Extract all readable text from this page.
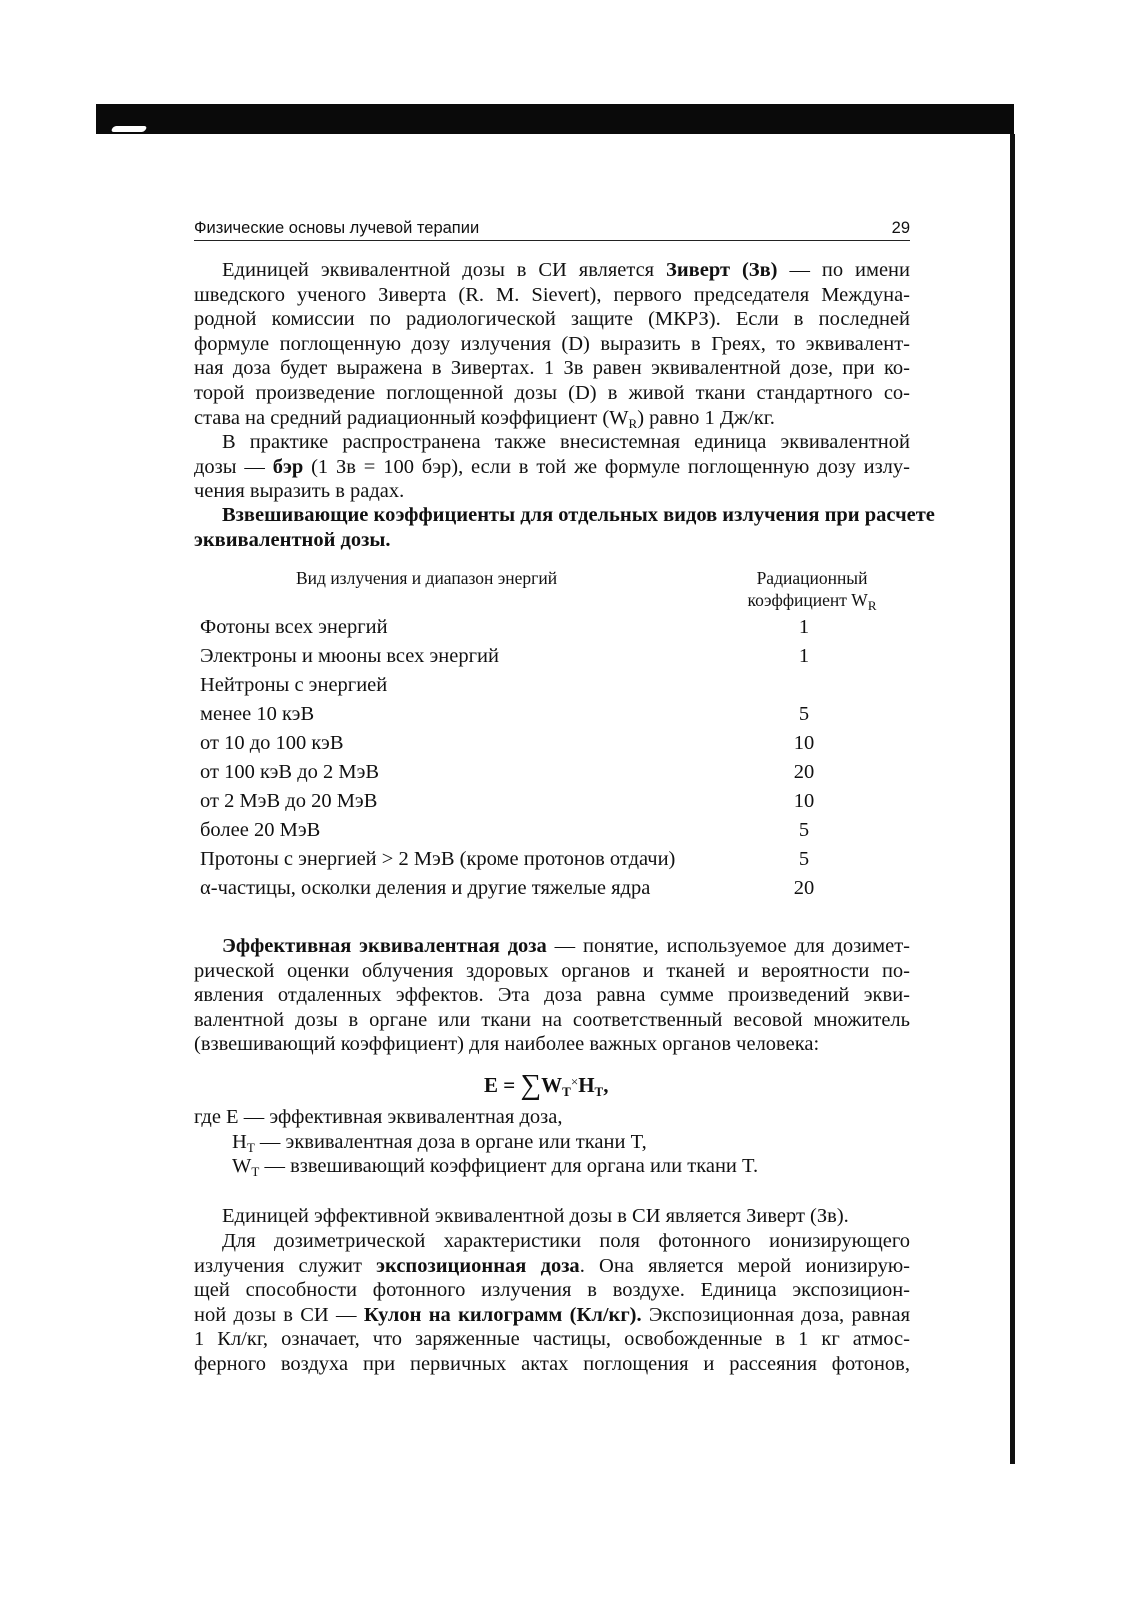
Физические основы лучевой терапии	29
Единицей эквивалентной дозы в СИ является Зиверт (Зв) — по имени
шведского ученого Зиверта (R. M. Sievert), первого председателя Междуна-
родной комиссии по радиологической защите (МКРЗ). Если в последней
формуле поглощенную дозу излучения (D) выразить в Греях, то эквивалент-
ная доза будет выражена в Зивертах. 1 Зв равен эквивалентной дозе, при ко-
торой произведение поглощенной дозы (D) в живой ткани стандартного со-
става на средний радиационный коэффициент $(W_R)$ равно 1 Дж/кг.
В практике распространена также внесистемная единица эквивалентной
дозы — бэр (1 Зв = 100 бэр), если в той же формуле поглощенную дозу излу-
чения выразить в радах.
Взвешивающие коэффициенты для отдельных видов излучения при расчете
эквивалентной дозы.
Вид излучения и диапазон энергий	Радиационный
коэффициент $W_R$
Фотоны всех энергий	1
Электроны и мюоны всех энергий	1
Нейтроны с энергией
менее 10 кэВ	5
от 10 до 100 кэВ	10
от 100 кэВ до 2 МэВ	20
от 2 МэВ до 20 МэВ	10
более 20 МэВ	5
Протоны с энергией > 2 МэВ (кроме протонов отдачи)	5
α-частицы, осколки деления и другие тяжелые ядра	20
Эффективная эквивалентная доза — понятие, используемое для дозимет-
рической оценки облучения здоровых органов и тканей и вероятности по-
явления отдаленных эффектов. Эта доза равна сумме произведений экви-
валентной дозы в органе или ткани на соответственный весовой множитель
(взвешивающий коэффициент) для наиболее важных органов человека:
$E = \sum W_T^\times H_T$,
где E — эффективная эквивалентная доза,
$H_T$ — эквивалентная доза в органе или ткани T,
$W_T$ — взвешивающий коэффициент для органа или ткани T.
Единицей эффективной эквивалентной дозы в СИ является Зиверт (Зв).
Для дозиметрической характеристики поля фотонного ионизирующего
излучения служит экспозиционная доза. Она является мерой ионизирую-
щей способности фотонного излучения в воздухе. Единица экспозицион-
ной дозы в СИ — Кулон на килограмм (Кл/кг). Экспозиционная доза, равная
1 Кл/кг, означает, что заряженные частицы, освобожденные в 1 кг атмос-
ферного воздуха при первичных актах поглощения и рассеяния фотонов,
